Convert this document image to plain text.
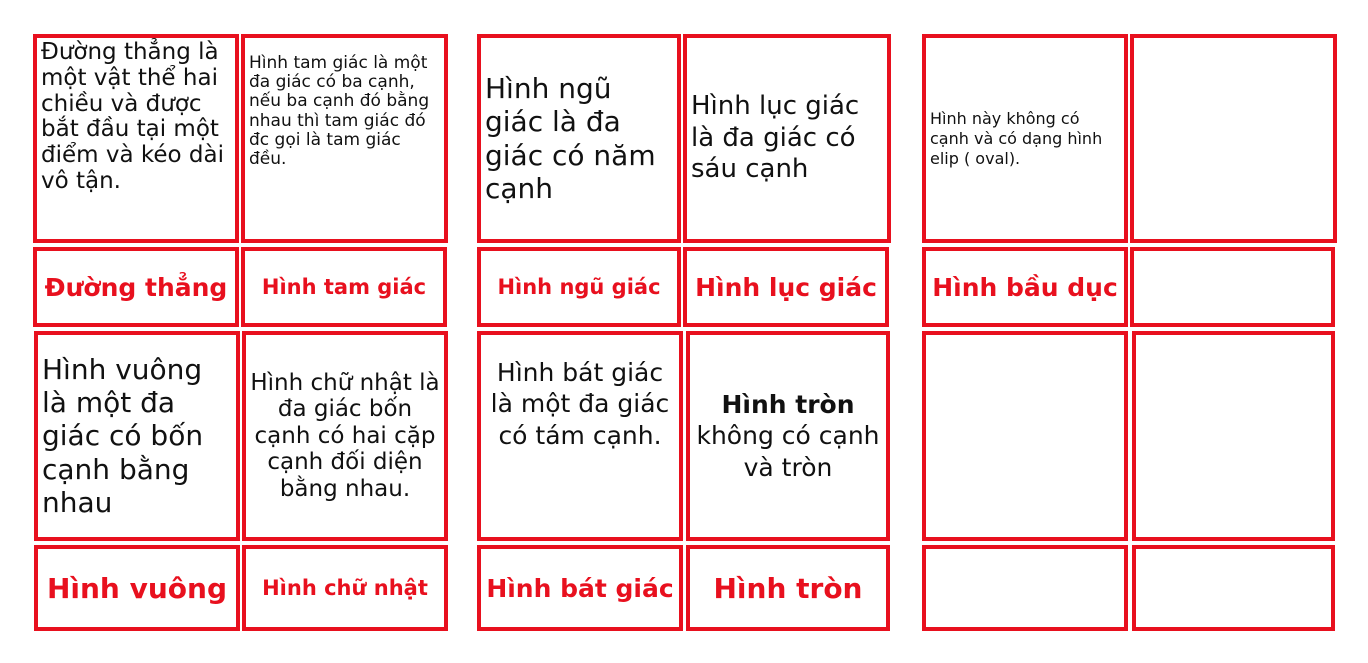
Đường thẳng là một vật thể hai chiều và được bắt đầu tại một điểm và kéo dài vô tận.
Hình tam giác là một đa giác có ba cạnh, nếu ba cạnh đó bằng nhau thì tam giác đó đc gọi là tam giác đều.
Đường thẳng Hình tam giác
Hình vuông là một đa giác có bốn cạnh bằng nhau
Hình chữ nhật là đa giác bốn cạnh có hai cặp cạnh đối diện bằng nhau.
Hình vuông Hình chữ nhật
Hình ngũ giác là đa giác có năm cạnh
Hình lục giác là đa giác có sáu cạnh
Hình ngũ giác Hình lục giác
Hình bát giác là một đa giác có tám cạnh.
Hình tròn
không có cạnh và tròn
Hình bát giác Hình tròn
Hình này không có cạnh và có dạng hình elip ( oval).
Hình bầu dục
